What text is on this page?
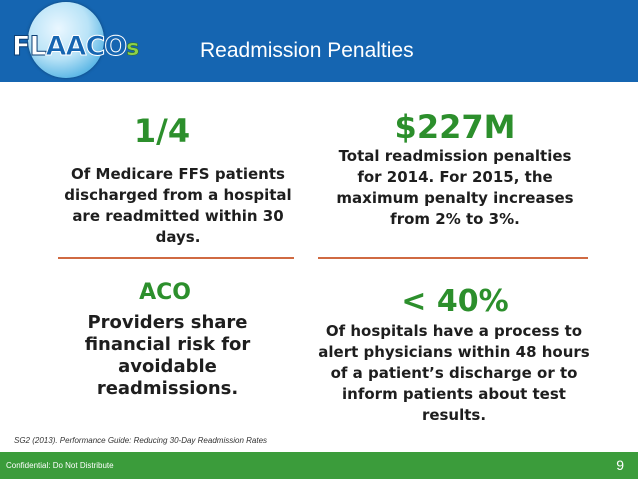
FLAACOs	Readmission Penalties
1/4
Of Medicare FFS patients discharged from a hospital are readmitted within 30 days.
$227M
Total readmission penalties for 2014. For 2015, the maximum penalty increases from 2% to 3%.
ACO
Providers share financial risk for avoidable readmissions.
< 40%
Of hospitals have a process to alert physicians within 48 hours of a patient’s discharge or to inform patients about test results.
SG2 (2013). Performance Guide: Reducing 30-Day Readmission Rates
Confidential: Do Not Distribute	9
